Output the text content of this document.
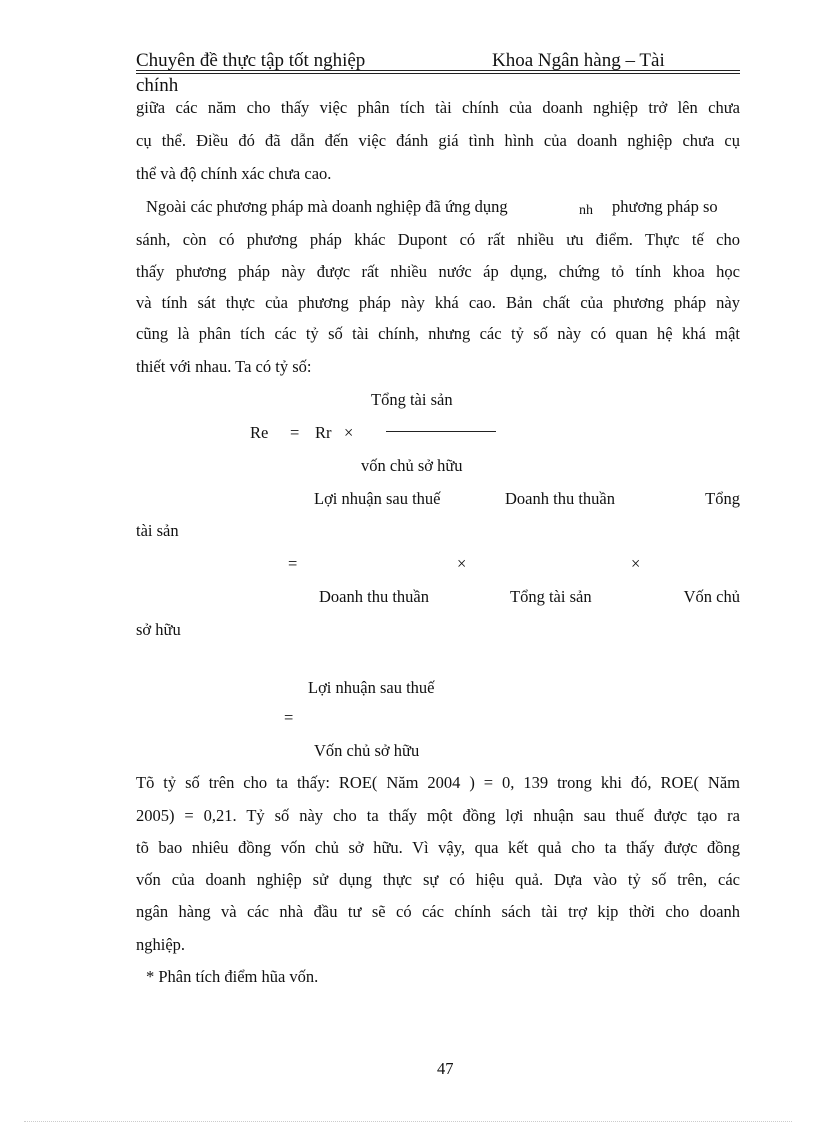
Chuyên đề thực tập tốt nghiệp	Khoa Ngân hàng – Tài
chính
giữa các năm cho thấy việc phân tích tài chính của doanh nghiệp trở lên chưa
cụ thể. Điều đó đã dẫn đến việc đánh giá tình hình của doanh nghiệp chưa cụ
thể và độ chính xác chưa cao.
Ngoài các phương pháp mà doanh nghiệp đã ứng dụng	nh phương pháp so
sánh, còn có phương pháp khác Dupont có rất nhiều ưu điểm. Thực tế cho
thấy phương pháp này được rất nhiều nước áp dụng, chứng tỏ tính khoa học
và tính sát thực của phương pháp này khá cao. Bản chất của phương pháp này
cũng là phân tích các tỷ số tài chính, nhưng các tỷ số này có quan hệ khá mật
thiết với nhau. Ta có tỷ số:
Tổng tài sản
Re = Rr ×
vốn chủ sở hữu
Lợi nhuận sau thuế	Doanh thu thuần	Tổng
tài sản
=	×	×
Doanh thu thuần	Tổng tài sản	Vốn chủ
sở hữu
Lợi nhuận sau thuế
=
Vốn chủ sở hữu
Tõ tỷ số trên cho ta thấy: ROE( Năm 2004 ) = 0, 139 trong khi đó, ROE( Năm
2005) = 0,21. Tỷ số này cho ta thấy một đồng lợi nhuận sau thuế được tạo ra
tõ bao nhiêu đồng vốn chủ sở hữu. Vì vậy, qua kết quả cho ta thấy được đồng
vốn của doanh nghiệp sử dụng thực sự có hiệu quả. Dựa vào tỷ số trên, các
ngân hàng và các nhà đầu tư sẽ có các chính sách tài trợ kịp thời cho doanh
nghiệp.
* Phân tích điểm hũa vốn.
47
